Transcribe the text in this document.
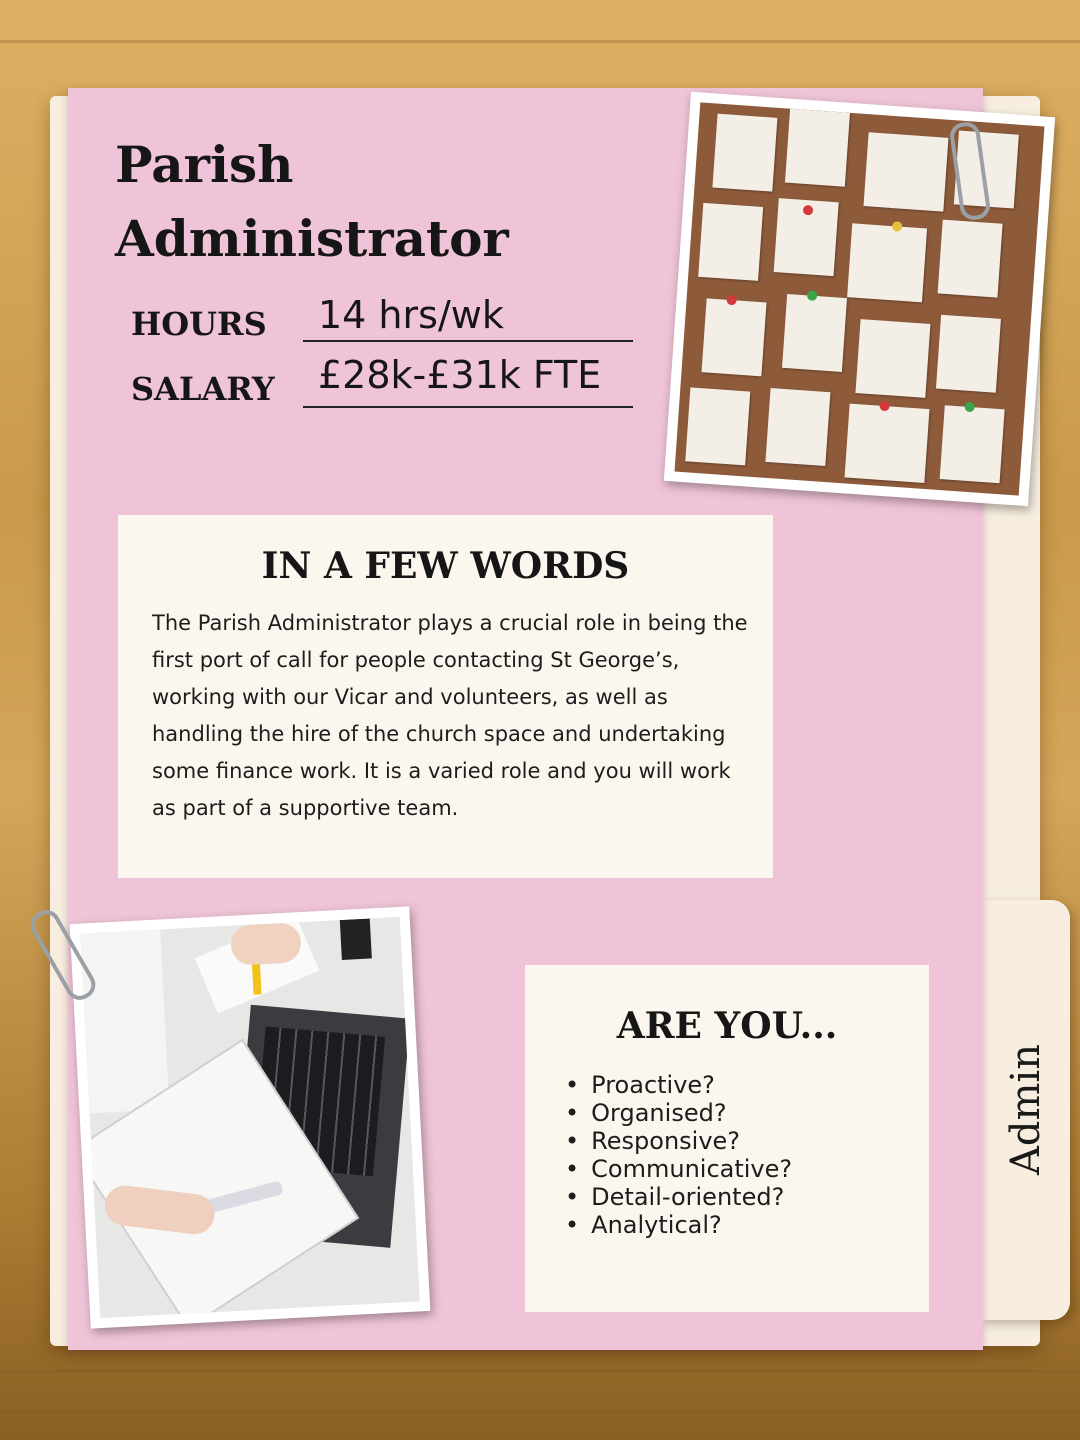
Admin
Parish Administrator
HOURS 14 hrs/wk
SALARY £28k-£31k FTE
IN A FEW WORDS

The Parish Administrator plays a crucial role in being the first port of call for people contacting St George’s, working with our Vicar and volunteers, as well as handling the hire of the church space and undertaking some finance work. It is a varied role and you will work as part of a supportive team.

ARE YOU...
• Proactive?
• Organised?
• Responsive?
• Communicative?
• Detail-oriented?
• Analytical?
